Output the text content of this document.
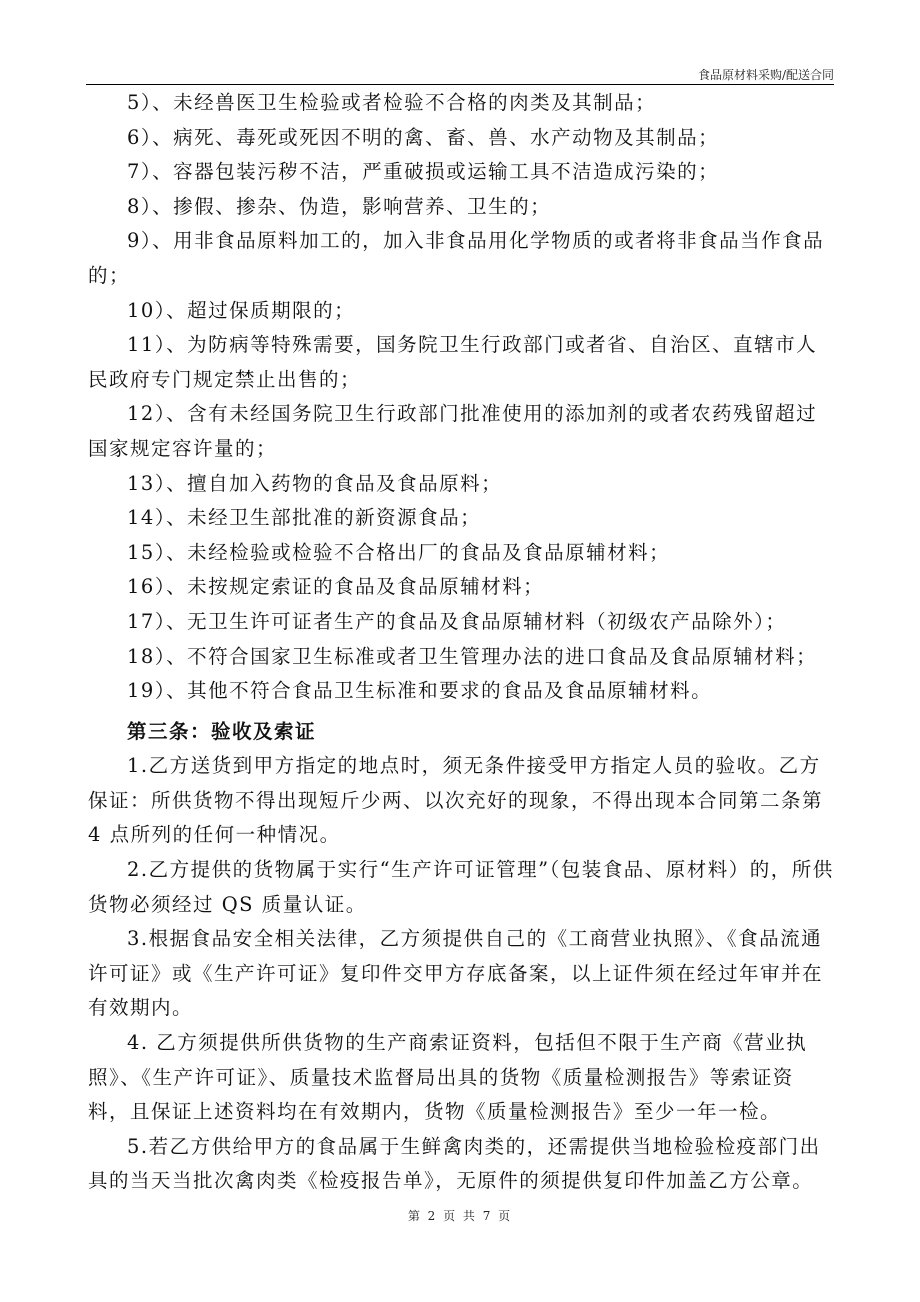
食品原材料采购/配送合同

5）、未经兽医卫生检验或者检验不合格的肉类及其制品；

6）、病死、毒死或死因不明的禽、畜、兽、水产动物及其制品；

7）、容器包装污秽不洁，严重破损或运输工具不洁造成污染的；

8）、掺假、掺杂、伪造，影响营养、卫生的；

9）、用非食品原料加工的，加入非食品用化学物质的或者将非食品当作食品的；

10）、超过保质期限的；

11）、为防病等特殊需要，国务院卫生行政部门或者省、自治区、直辖市人民政府专门规定禁止出售的；

12）、含有未经国务院卫生行政部门批准使用的添加剂的或者农药残留超过国家规定容许量的；

13）、擅自加入药物的食品及食品原料；

14）、未经卫生部批准的新资源食品；

15）、未经检验或检验不合格出厂的食品及食品原辅材料；

16）、未按规定索证的食品及食品原辅材料；

17）、无卫生许可证者生产的食品及食品原辅材料（初级农产品除外）；

18）、不符合国家卫生标准或者卫生管理办法的进口食品及食品原辅材料；

19）、其他不符合食品卫生标准和要求的食品及食品原辅材料。

第三条：验收及索证

1.乙方送货到甲方指定的地点时，须无条件接受甲方指定人员的验收。乙方保证：所供货物不得出现短斤少两、以次充好的现象，不得出现本合同第二条第 4 点所列的任何一种情况。

2.乙方提供的货物属于实行“生产许可证管理”（包装食品、原材料）的，所供货物必须经过 QS 质量认证。

3.根据食品安全相关法律，乙方须提供自己的《工商营业执照》、《食品流通许可证》或《生产许可证》复印件交甲方存底备案，以上证件须在经过年审并在有效期内。

4. 乙方须提供所供货物的生产商索证资料，包括但不限于生产商《营业执照》、《生产许可证》、质量技术监督局出具的货物《质量检测报告》等索证资料，且保证上述资料均在有效期内，货物《质量检测报告》至少一年一检。

5.若乙方供给甲方的食品属于生鲜禽肉类的，还需提供当地检验检疫部门出具的当天当批次禽肉类《检疫报告单》，无原件的须提供复印件加盖乙方公章。

第 2 页 共 7 页
